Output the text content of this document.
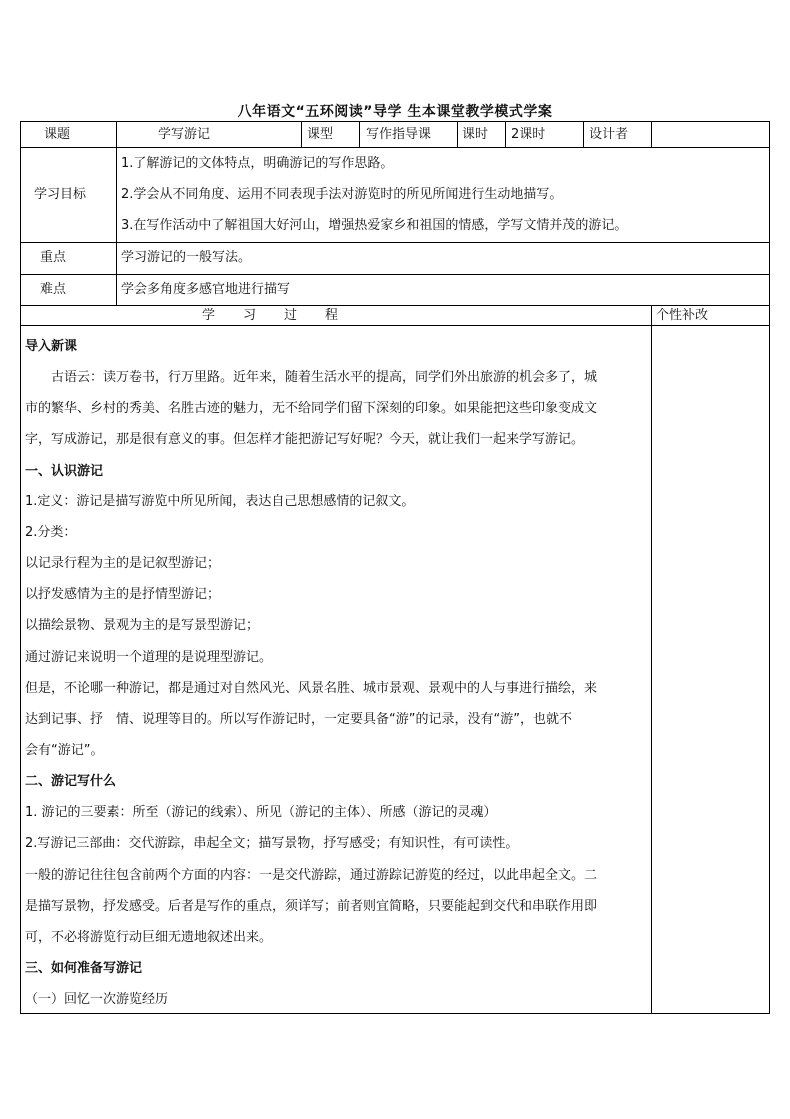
八年语文“五环阅读”导学 生本课堂教学模式学案
课题	学写游记	课型	写作指导课 课时 2课时	设计者
学习目标
1.了解游记的文体特点，明确游记的写作思路。
2.学会从不同角度、运用不同表现手法对游览时的所见所闻进行生动地描写。
3.在写作活动中了解祖国大好河山，增强热爱家乡和祖国的情感，学写文情并茂的游记。
重点	学习游记的一般写法。
难点	学会多角度多感官地进行描写
学习过程	个性补改
导入新课
　　古语云：读万卷书，行万里路。近年来，随着生活水平的提高，同学们外出旅游的机会多了，城
市的繁华、乡村的秀美、名胜古迹的魅力，无不给同学们留下深刻的印象。如果能把这些印象变成文
字，写成游记，那是很有意义的事。但怎样才能把游记写好呢？今天，就让我们一起来学写游记。
一、认识游记
1.定义：游记是描写游览中所见所闻，表达自己思想感情的记叙文。
2.分类：
以记录行程为主的是记叙型游记；
以抒发感情为主的是抒情型游记；
以描绘景物、景观为主的是写景型游记；
通过游记来说明一个道理的是说理型游记。
但是，不论哪一种游记，都是通过对自然风光、风景名胜、城市景观、景观中的人与事进行描绘，来
达到记事、抒　情、说理等目的。所以写作游记时，一定要具备“游”的记录，没有“游”，也就不
会有“游记”。
二、游记写什么
1. 游记的三要素：所至（游记的线索）、所见（游记的主体）、所感（游记的灵魂）
2.写游记三部曲：交代游踪，串起全文；描写景物，抒写感受；有知识性，有可读性。
一般的游记往往包含前两个方面的内容：一是交代游踪，通过游踪记游览的经过，以此串起全文。二
是描写景物，抒发感受。后者是写作的重点，须详写；前者则宜简略，只要能起到交代和串联作用即
可，不必将游览行动巨细无遗地叙述出来。
三、如何准备写游记
（一）回忆一次游览经历
